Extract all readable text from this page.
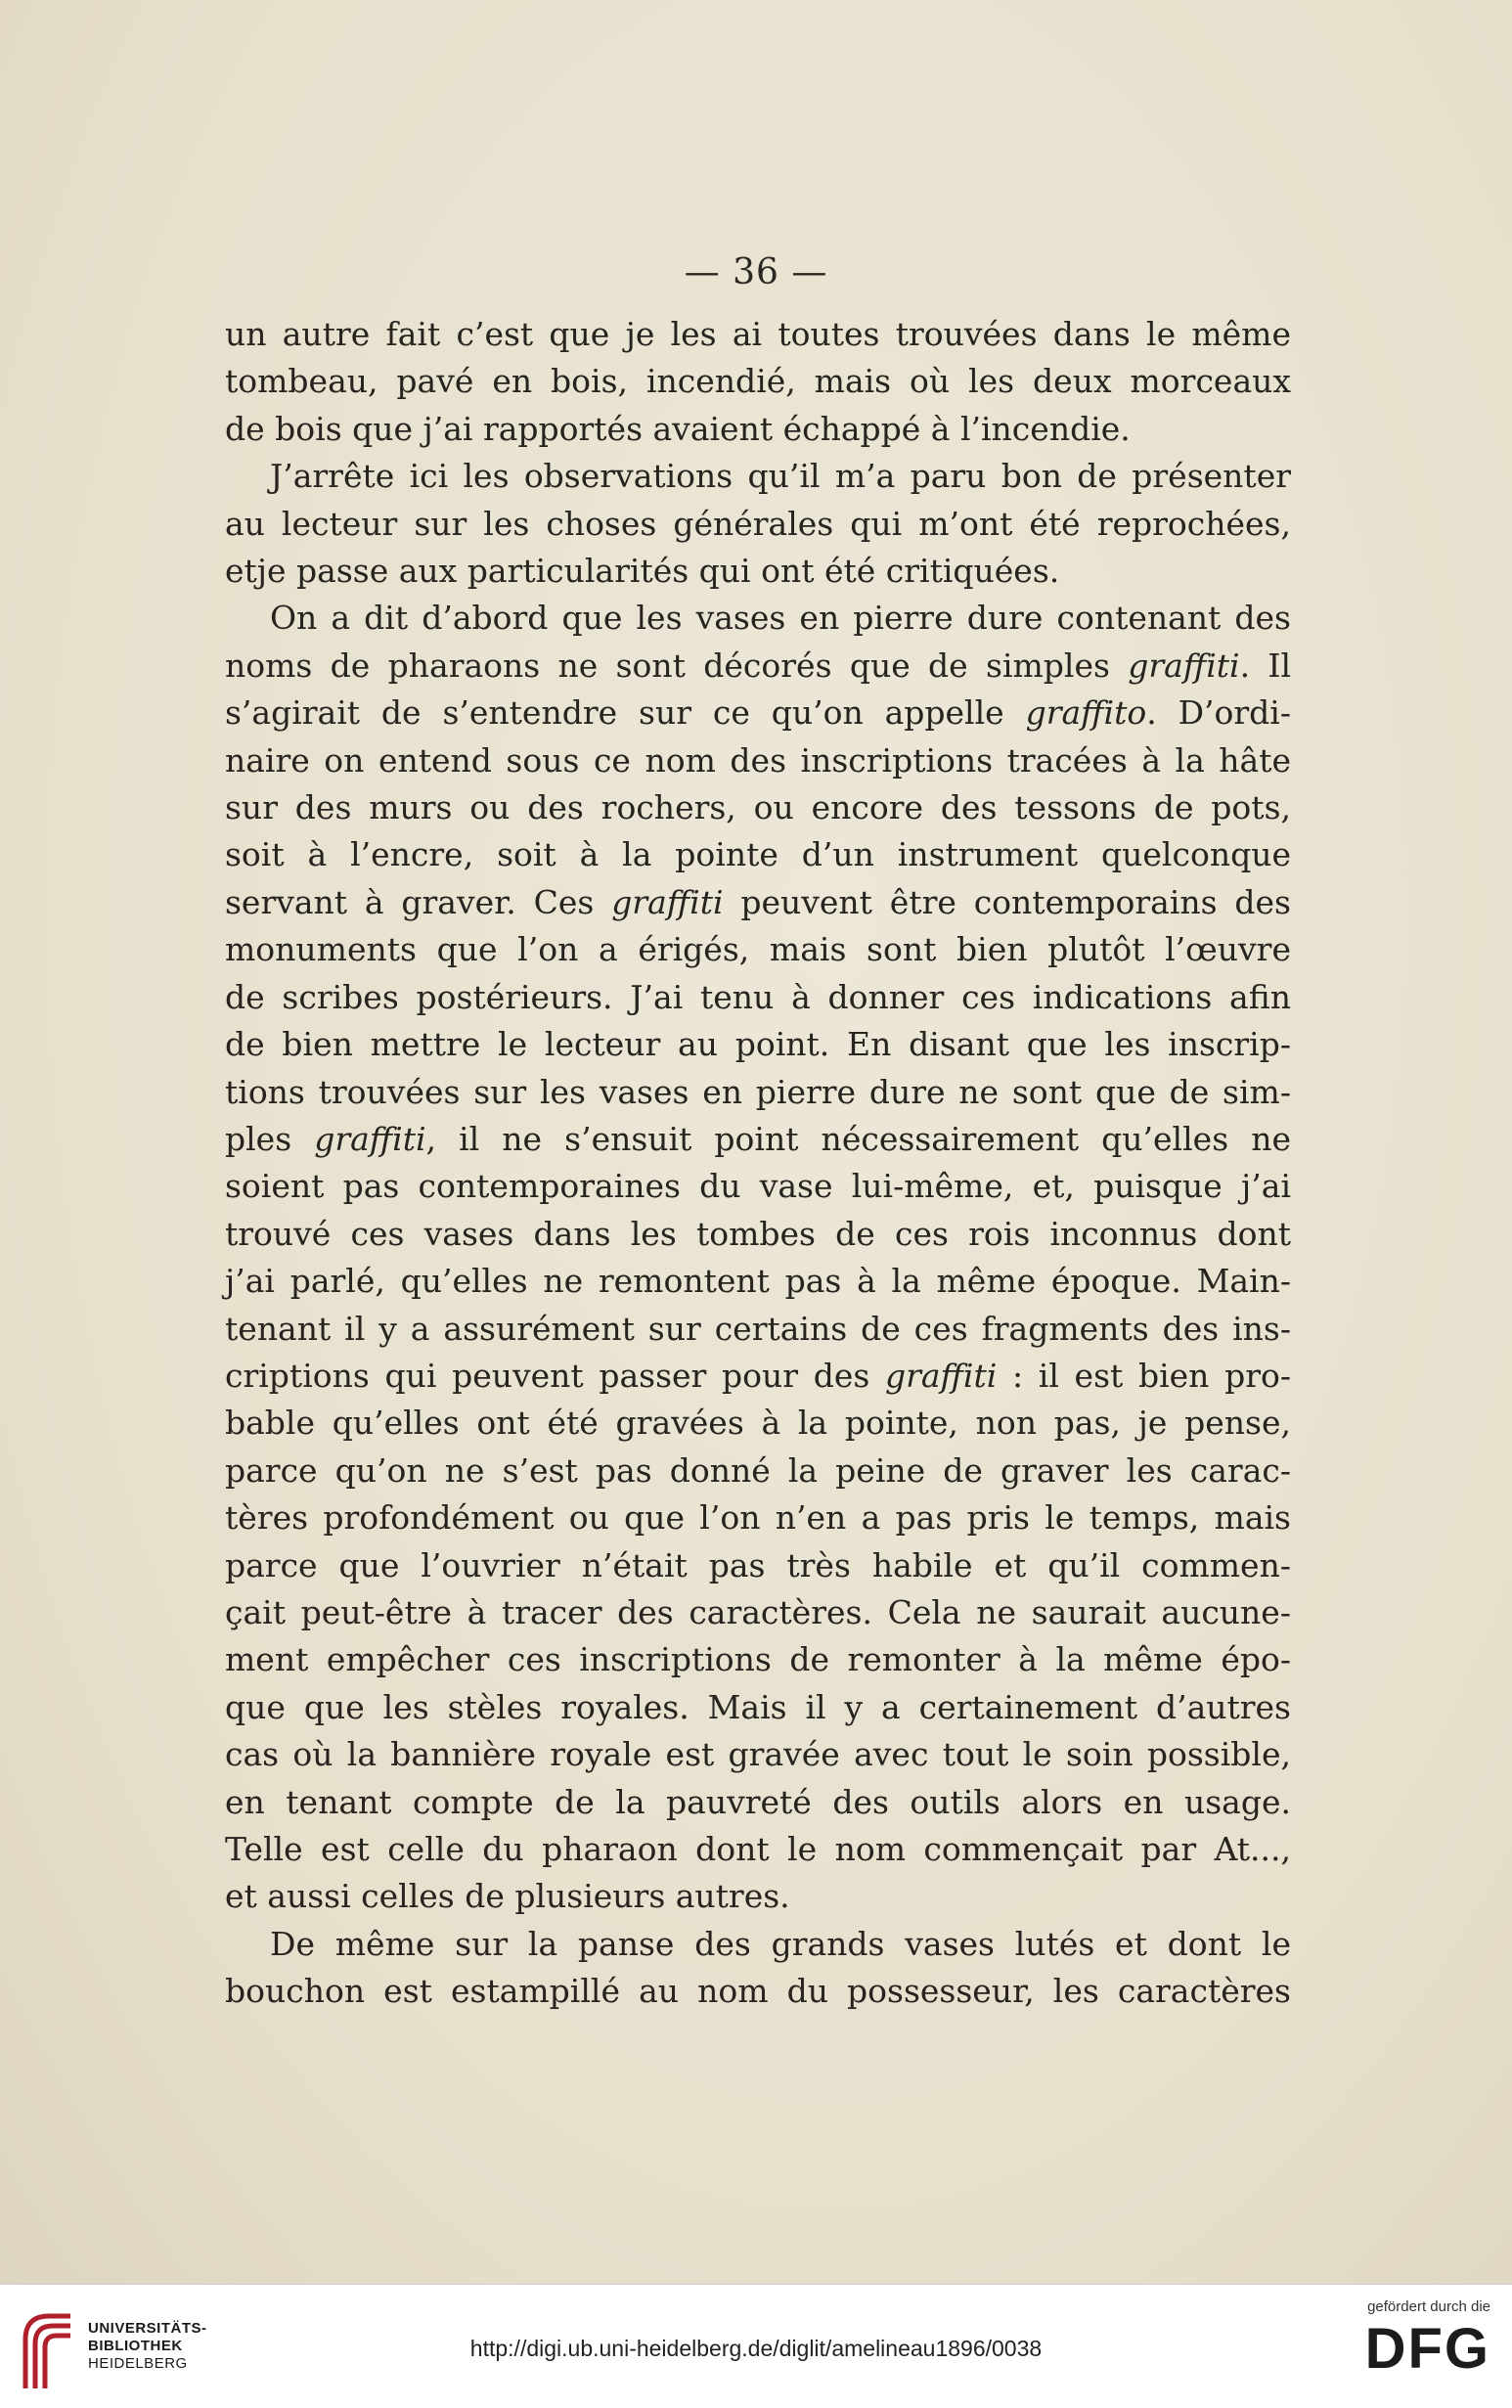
— 36 —
un autre fait c’est que je les ai toutes trouvées dans le même
tombeau, pavé en bois, incendié, mais où les deux morceaux
de bois que j’ai rapportés avaient échappé à l’incendie.
J’arrête ici les observations qu’il m’a paru bon de présenter
au lecteur sur les choses générales qui m’ont été reprochées,
etje passe aux particularités qui ont été critiquées.
On a dit d’abord que les vases en pierre dure contenant des
noms de pharaons ne sont décorés que de simples graffiti. Il
s’agirait de s’entendre sur ce qu’on appelle graffito. D’ordi-
naire on entend sous ce nom des inscriptions tracées à la hâte
sur des murs ou des rochers, ou encore des tessons de pots,
soit à l’encre, soit à la pointe d’un instrument quelconque
servant à graver. Ces graffiti peuvent être contemporains des
monuments que l’on a érigés, mais sont bien plutôt l’œuvre
de scribes postérieurs. J’ai tenu à donner ces indications afin
de bien mettre le lecteur au point. En disant que les inscrip-
tions trouvées sur les vases en pierre dure ne sont que de sim-
ples graffiti, il ne s’ensuit point nécessairement qu’elles ne
soient pas contemporaines du vase lui-même, et, puisque j’ai
trouvé ces vases dans les tombes de ces rois inconnus dont
j’ai parlé, qu’elles ne remontent pas à la même époque. Main-
tenant il y a assurément sur certains de ces fragments des ins-
criptions qui peuvent passer pour des graffiti : il est bien pro-
bable qu’elles ont été gravées à la pointe, non pas, je pense,
parce qu’on ne s’est pas donné la peine de graver les carac-
tères profondément ou que l’on n’en a pas pris le temps, mais
parce que l’ouvrier n’était pas très habile et qu’il commen-
çait peut-être à tracer des caractères. Cela ne saurait aucune-
ment empêcher ces inscriptions de remonter à la même épo-
que que les stèles royales. Mais il y a certainement d’autres
cas où la bannière royale est gravée avec tout le soin possible,
en tenant compte de la pauvreté des outils alors en usage.
Telle est celle du pharaon dont le nom commençait par At...,
et aussi celles de plusieurs autres.
De même sur la panse des grands vases lutés et dont le
bouchon est estampillé au nom du possesseur, les caractères
UNIVERSITÄTS-
BIBLIOTHEK
HEIDELBERG
http://digi.ub.uni-heidelberg.de/diglit/amelineau1896/0038
gefördert durch die
DFG
